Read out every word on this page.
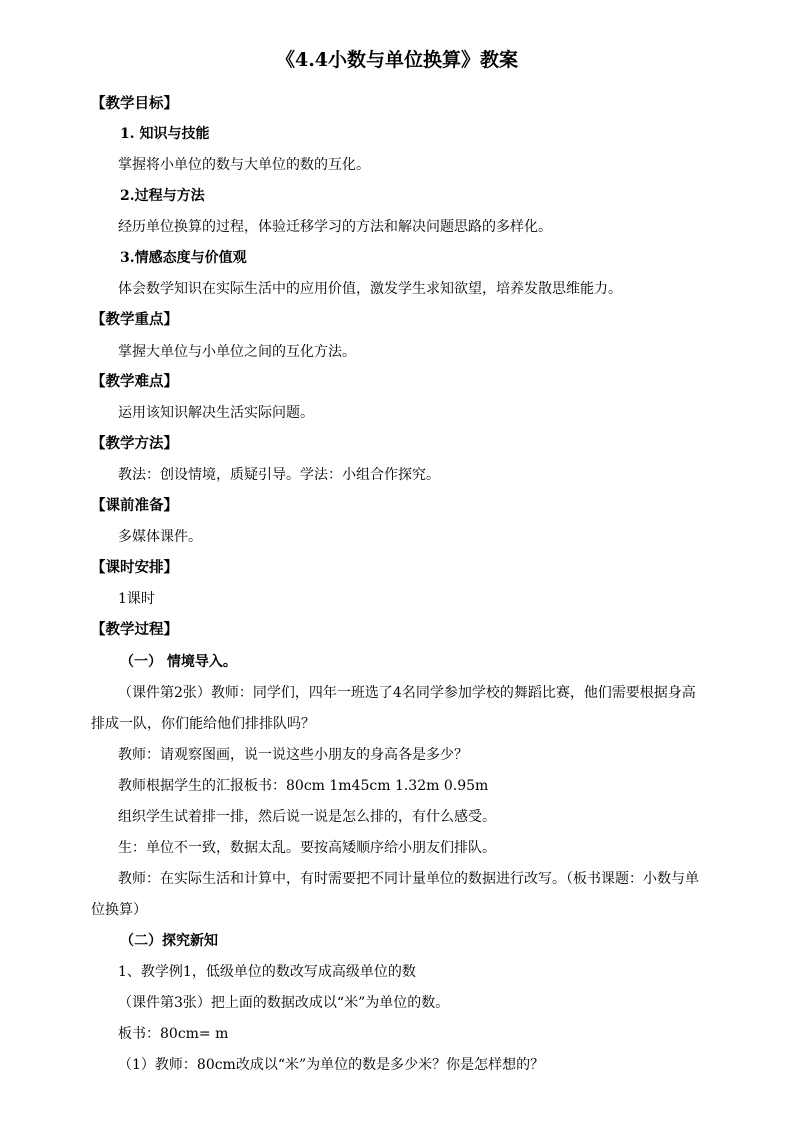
《4.4小数与单位换算》教案
【教学目标】
1. 知识与技能
掌握将小单位的数与大单位的数的互化。
2.过程与方法
经历单位换算的过程，体验迁移学习的方法和解决问题思路的多样化。
3.情感态度与价值观
体会数学知识在实际生活中的应用价值，激发学生求知欲望，培养发散思维能力。
【教学重点】
掌握大单位与小单位之间的互化方法。
【教学难点】
运用该知识解决生活实际问题。
【教学方法】
教法：创设情境，质疑引导。学法：小组合作探究。
【课前准备】
多媒体课件。
【课时安排】
1课时
【教学过程】
（一） 情境导入。
（课件第2张）教师：同学们，四年一班选了4名同学参加学校的舞蹈比赛，他们需要根据身高
排成一队，你们能给他们排排队吗？
教师：请观察图画，说一说这些小朋友的身高各是多少？
教师根据学生的汇报板书：80cm 1m45cm 1.32m 0.95m
组织学生试着排一排，然后说一说是怎么排的，有什么感受。
生：单位不一致，数据太乱。要按高矮顺序给小朋友们排队。
教师：在实际生活和计算中，有时需要把不同计量单位的数据进行改写。（板书课题：小数与单
位换算）
（二）探究新知
1、教学例1，低级单位的数改写成高级单位的数
（课件第3张）把上面的数据改成以“米”为单位的数。
板书：80cm= m
（1）教师：80cm改成以“米”为单位的数是多少米？你是怎样想的？
